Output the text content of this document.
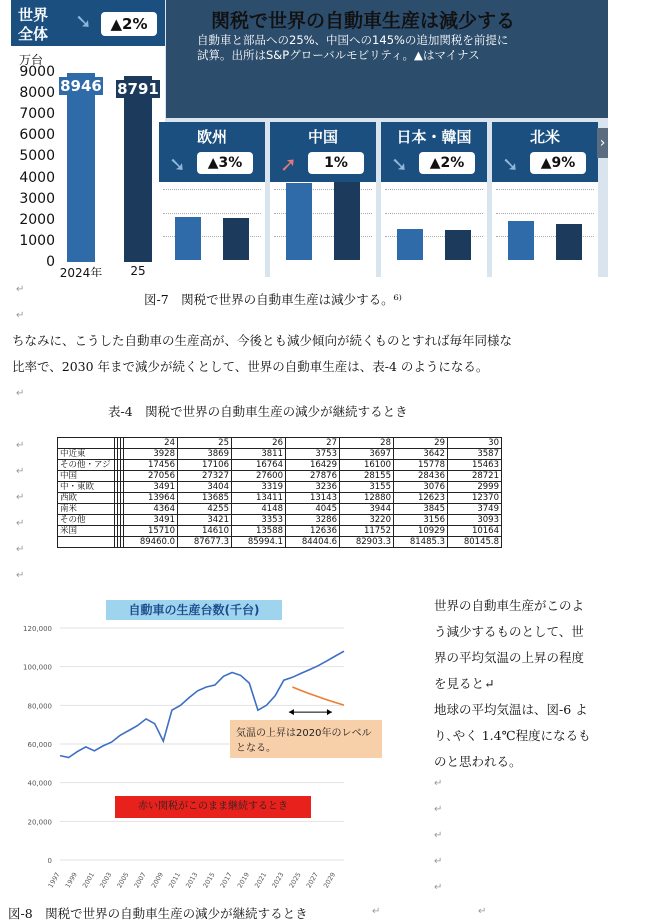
関税で世界の自動車生産は減少する
自動車と部品への25%、中国への145%の追加関税を前提に
試算。出所はS&Pグローバルモビリティ。▲はマイナス
世界
全体
➘	▲2%
万台
9000
8000
7000
6000
5000
4000
3000
2000
1000
0
8946
2024年
8791
25
欧州
➘	▲3%
中国
➚	1%
日本・韓国
➘	▲2%
北米
➘	▲9%
›
↵
図-7　関税で世界の自動車生産は減少する。⁶⁾
↵
ちなみに、こうした自動車の生産高が、今後とも減少傾向が続くものとすれば毎年同様な
比率で、2030 年まで減少が続くとして、世界の自動車生産は、表-4 のようになる。
↵
表-4　関税で世界の自動車生産の減少が継続するとき
↵
↵
↵
↵
↵
↵
				24	25	26	27	28	29	30
中近東				3928	3869	3811	3753	3697	3642	3587
その他・アジ				17456	17106	16764	16429	16100	15778	15463
中国				27056	27327	27600	27876	28155	28436	28721
中・東欧				3491	3404	3319	3236	3155	3076	2999
西欧				13964	13685	13411	13143	12880	12623	12370
南米				4364	4255	4148	4045	3944	3845	3749
その他				3491	3421	3353	3286	3220	3156	3093
米国				15710	14610	13588	12636	11752	10929	10164
				89460.0	87677.3	85994.1	84404.6	82903.3	81485.3	80145.8
自動車の生産台数(千台)
120,000
100,000
80,000
60,000
40,000
20,000
0
1997 1999 2001 2003 2005 2007 2009 2011 2013 2015 2017 2019 2021 2023 2025 2027 2029
気温の上昇は2020年のレベルとなる。
赤い関税がこのまま継続するとき
世界の自動車生産がこのよ
う減少するものとして、世
界の平均気温の上昇の程度
を見ると↵
地球の平均気温は、図-6 よ
り､やく 1.4℃程度になるも
のと思われる。
↵
↵
↵
↵
↵
図-8　関税で世界の自動車生産の減少が継続するとき	↵	↵
